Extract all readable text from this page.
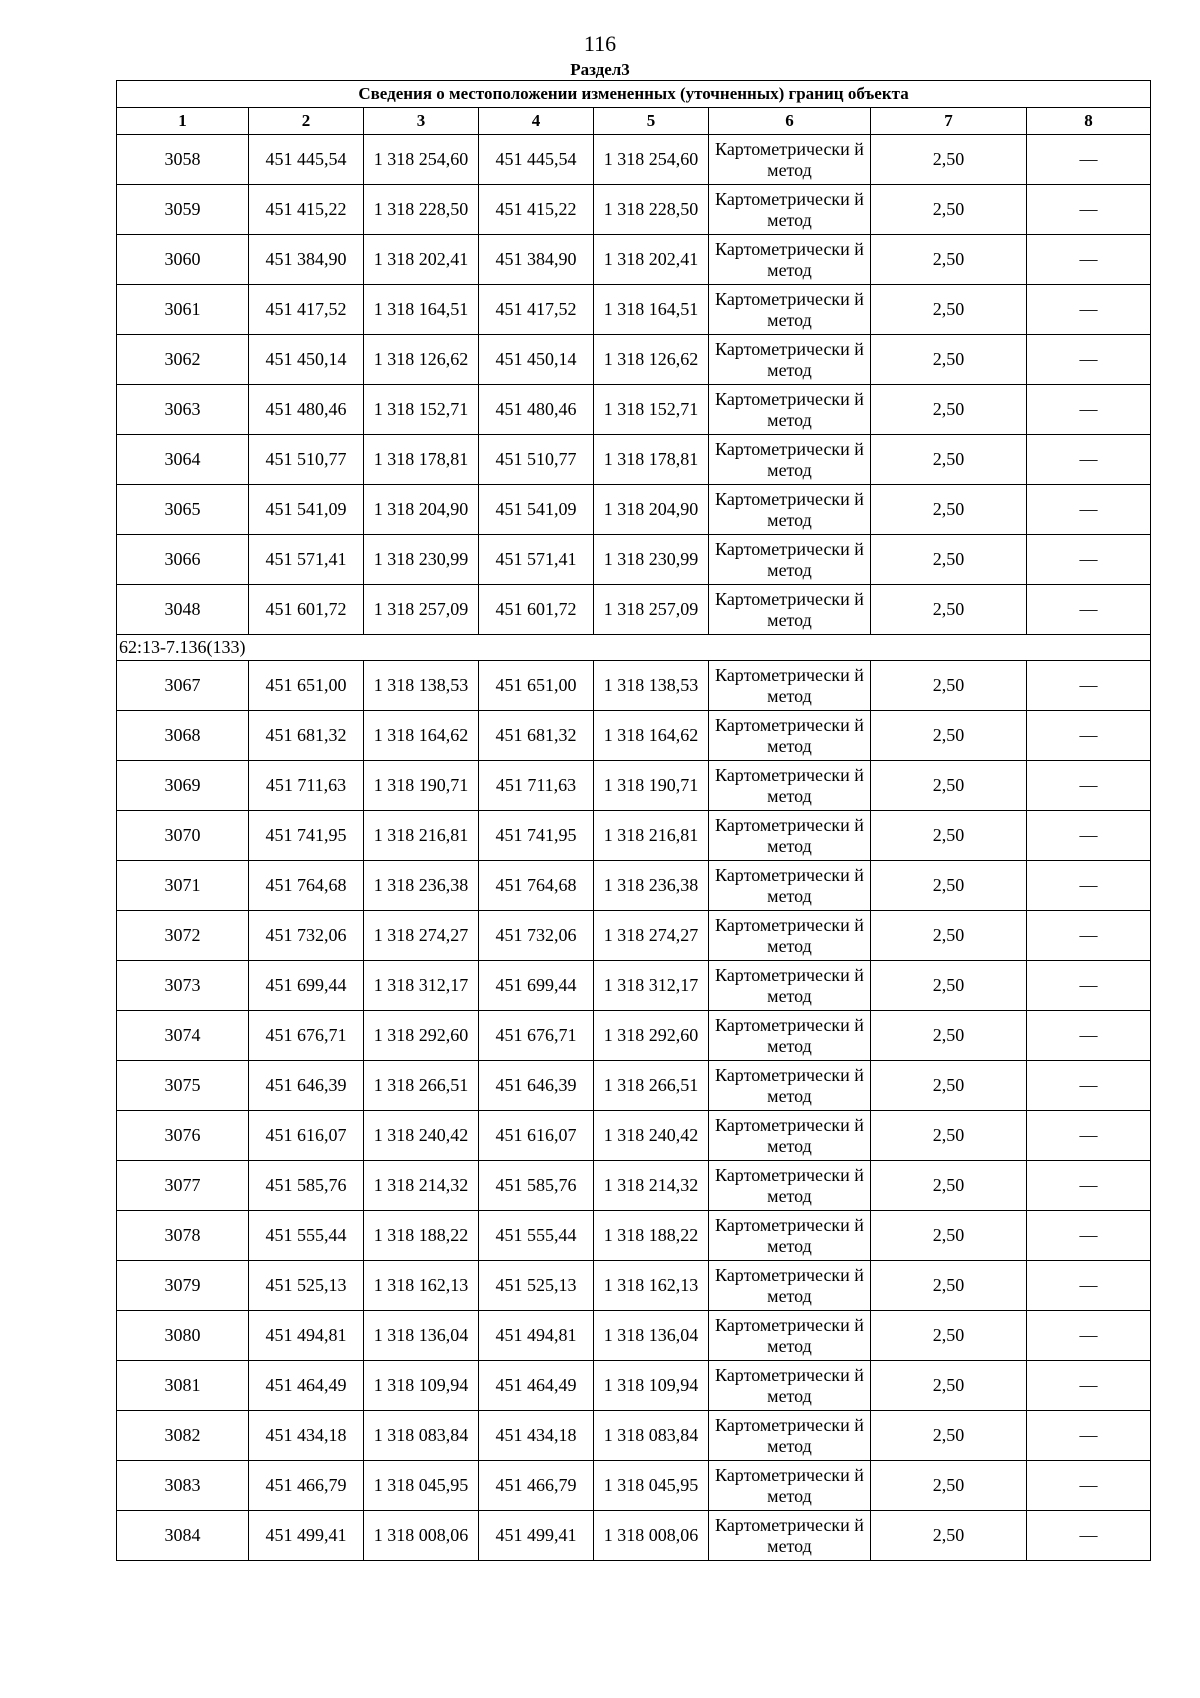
116
Раздел3
Сведения о местоположении измененных (уточненных) границ объекта							
1	2	3	4	5	6	7	8
3058	451 445,54	1 318 254,60	451 445,54	1 318 254,60	Картометрически й метод	2,50	—
3059	451 415,22	1 318 228,50	451 415,22	1 318 228,50	Картометрически й метод	2,50	—
3060	451 384,90	1 318 202,41	451 384,90	1 318 202,41	Картометрически й метод	2,50	—
3061	451 417,52	1 318 164,51	451 417,52	1 318 164,51	Картометрически й метод	2,50	—
3062	451 450,14	1 318 126,62	451 450,14	1 318 126,62	Картометрически й метод	2,50	—
3063	451 480,46	1 318 152,71	451 480,46	1 318 152,71	Картометрически й метод	2,50	—
3064	451 510,77	1 318 178,81	451 510,77	1 318 178,81	Картометрически й метод	2,50	—
3065	451 541,09	1 318 204,90	451 541,09	1 318 204,90	Картометрически й метод	2,50	—
3066	451 571,41	1 318 230,99	451 571,41	1 318 230,99	Картометрически й метод	2,50	—
3048	451 601,72	1 318 257,09	451 601,72	1 318 257,09	Картометрически й метод	2,50	—
62:13-7.136(133)							
3067	451 651,00	1 318 138,53	451 651,00	1 318 138,53	Картометрически й метод	2,50	—
3068	451 681,32	1 318 164,62	451 681,32	1 318 164,62	Картометрически й метод	2,50	—
3069	451 711,63	1 318 190,71	451 711,63	1 318 190,71	Картометрически й метод	2,50	—
3070	451 741,95	1 318 216,81	451 741,95	1 318 216,81	Картометрически й метод	2,50	—
3071	451 764,68	1 318 236,38	451 764,68	1 318 236,38	Картометрически й метод	2,50	—
3072	451 732,06	1 318 274,27	451 732,06	1 318 274,27	Картометрически й метод	2,50	—
3073	451 699,44	1 318 312,17	451 699,44	1 318 312,17	Картометрически й метод	2,50	—
3074	451 676,71	1 318 292,60	451 676,71	1 318 292,60	Картометрически й метод	2,50	—
3075	451 646,39	1 318 266,51	451 646,39	1 318 266,51	Картометрически й метод	2,50	—
3076	451 616,07	1 318 240,42	451 616,07	1 318 240,42	Картометрически й метод	2,50	—
3077	451 585,76	1 318 214,32	451 585,76	1 318 214,32	Картометрически й метод	2,50	—
3078	451 555,44	1 318 188,22	451 555,44	1 318 188,22	Картометрически й метод	2,50	—
3079	451 525,13	1 318 162,13	451 525,13	1 318 162,13	Картометрически й метод	2,50	—
3080	451 494,81	1 318 136,04	451 494,81	1 318 136,04	Картометрически й метод	2,50	—
3081	451 464,49	1 318 109,94	451 464,49	1 318 109,94	Картометрически й метод	2,50	—
3082	451 434,18	1 318 083,84	451 434,18	1 318 083,84	Картометрически й метод	2,50	—
3083	451 466,79	1 318 045,95	451 466,79	1 318 045,95	Картометрически й метод	2,50	—
3084	451 499,41	1 318 008,06	451 499,41	1 318 008,06	Картометрически й метод	2,50	—
